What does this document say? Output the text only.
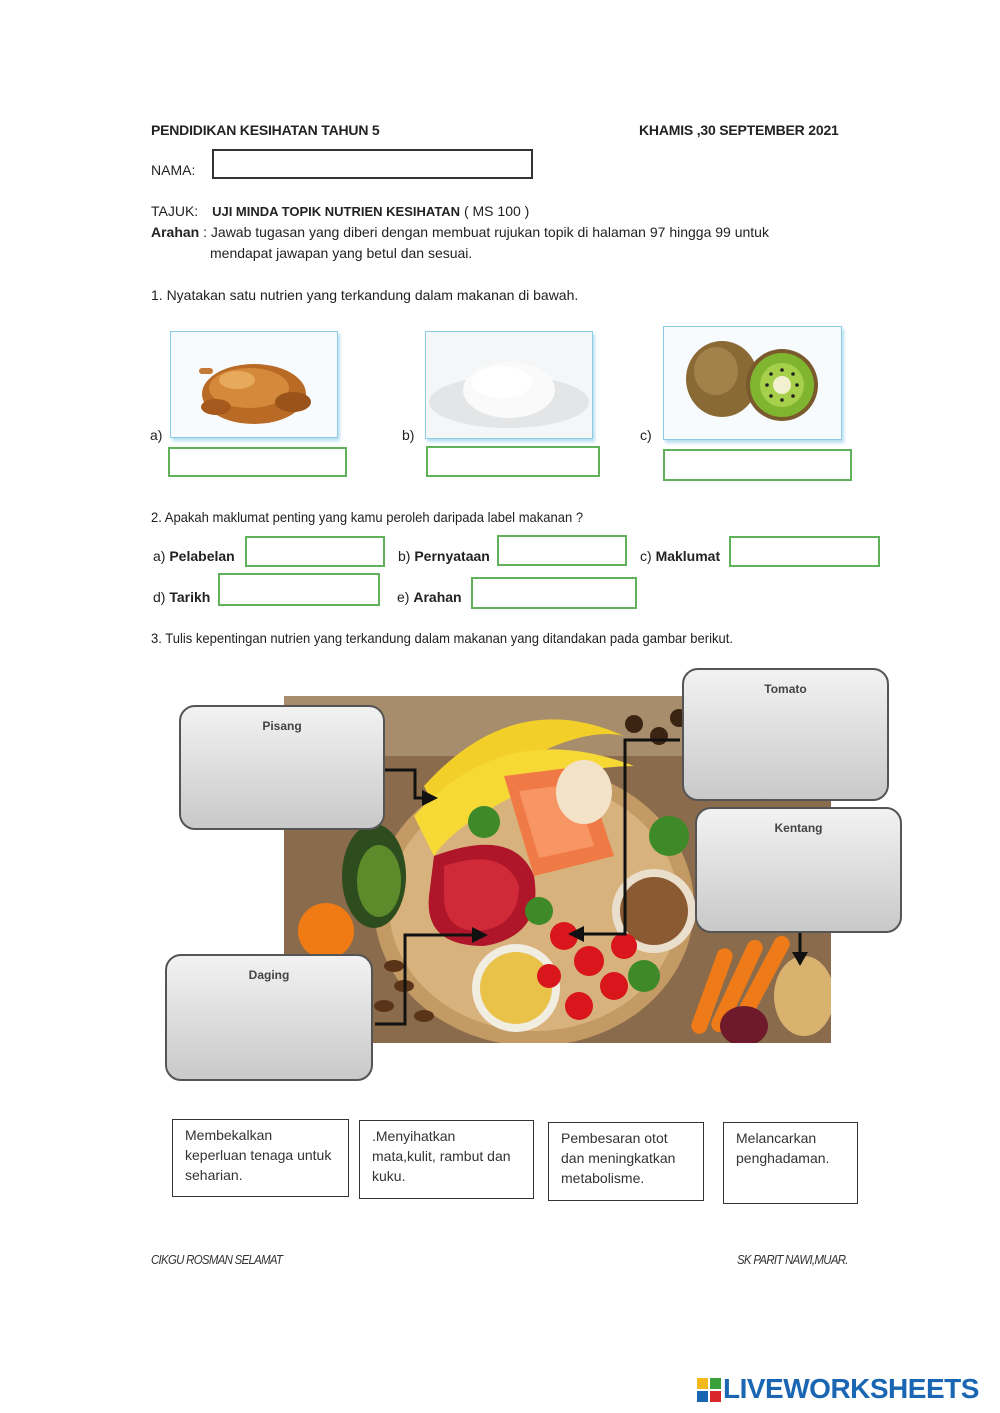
PENDIDIKAN KESIHATAN TAHUN 5	KHAMIS ,30 SEPTEMBER 2021
NAMA:
TAJUK: UJI MINDA TOPIK NUTRIEN KESIHATAN ( MS 100 )
Arahan : Jawab tugasan yang diberi dengan membuat rujukan topik di halaman 97 hingga 99 untuk
mendapat jawapan yang betul dan sesuai.
1. Nyatakan satu nutrien yang terkandung dalam makanan di bawah.
a)	b)	c)
2. Apakah maklumat penting yang kamu peroleh daripada label makanan ?
a) Pelabelan	b) Pernyataan	c) Maklumat
d) Tarikh	e) Arahan
3. Tulis kepentingan nutrien yang terkandung dalam makanan yang ditandakan pada gambar berikut.
Pisang
Tomato
Kentang
Daging
Membekalkan keperluan tenaga untuk seharian.
.Menyihatkan mata,kulit, rambut dan kuku.
Pembesaran otot dan meningkatkan metabolisme.
Melancarkan penghadaman.
CIKGU ROSMAN SELAMAT	SK PARIT NAWI,MUAR.
LIVEWORKSHEETS
